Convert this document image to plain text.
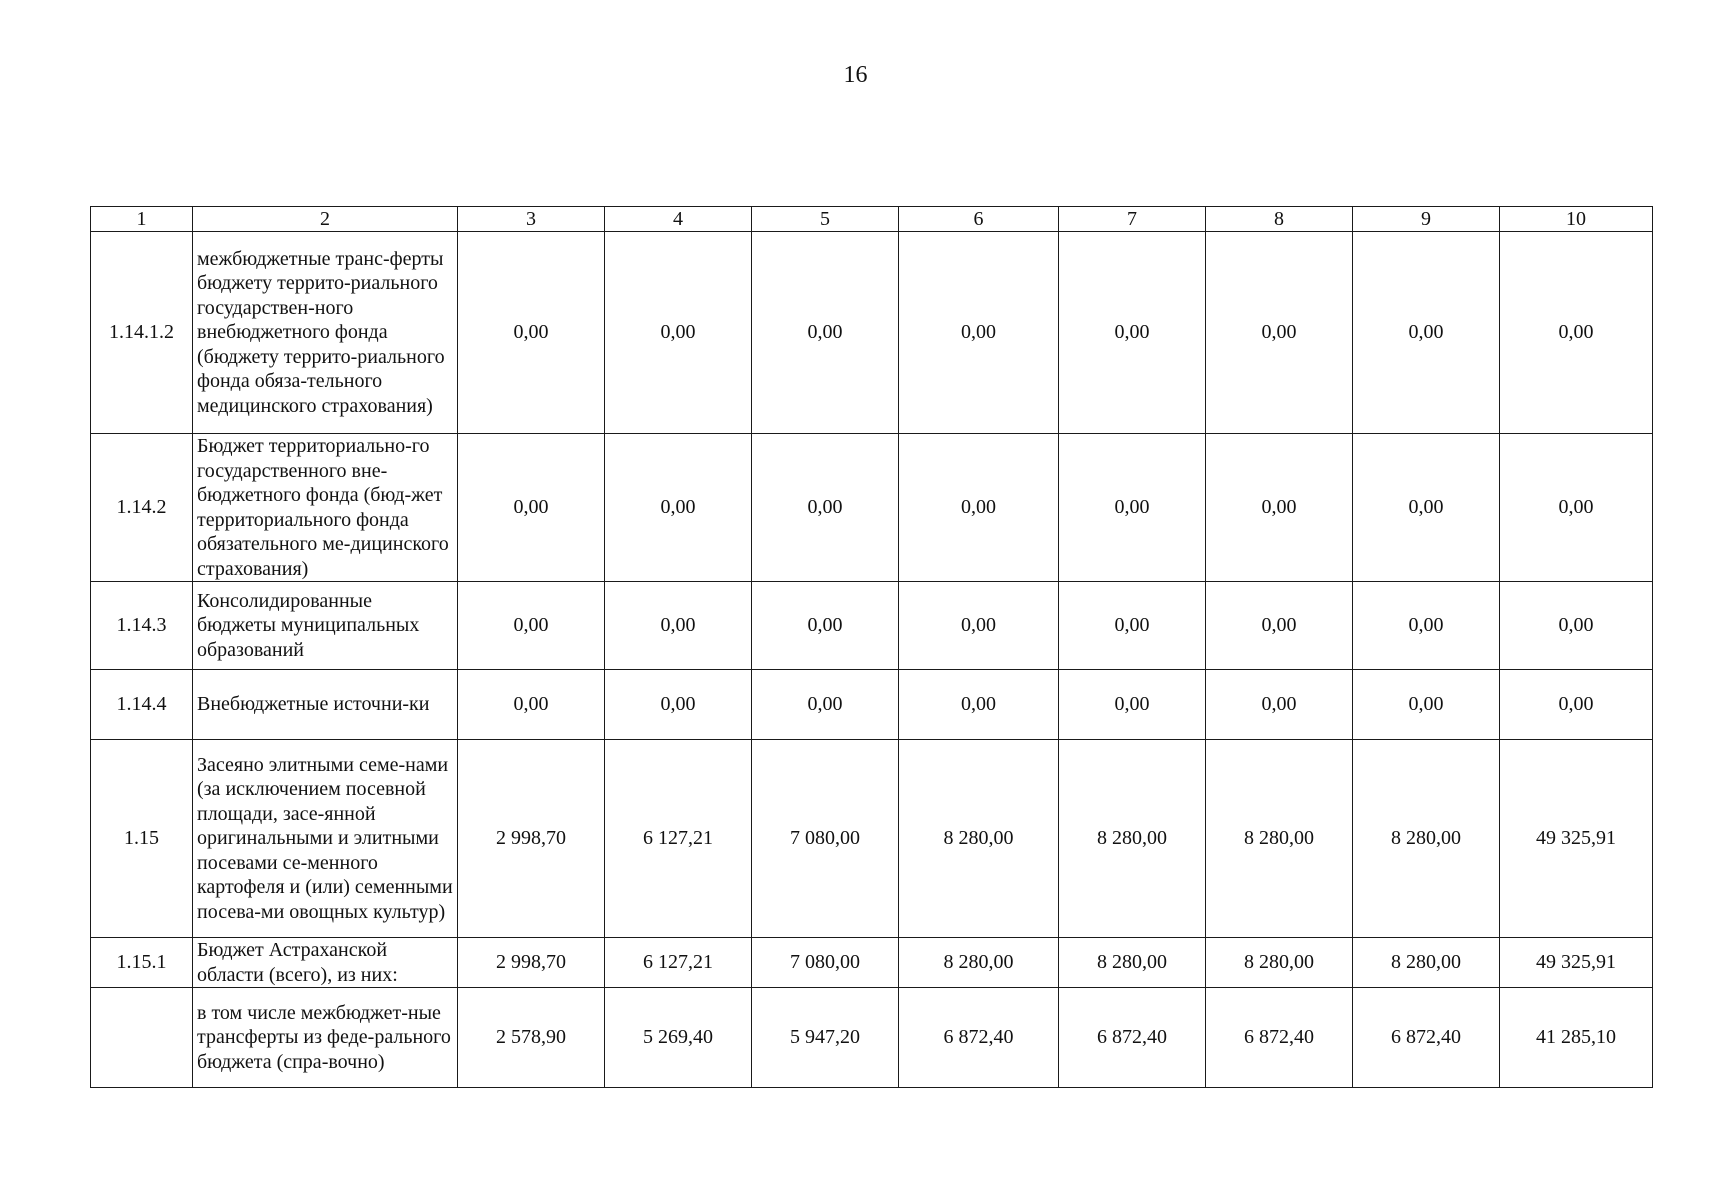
16
1	2	3	4	5	6	7	8	9	10
1.14.1.2	межбюджетные транс-ферты бюджету террито-риального государствен-ного внебюджетного фонда (бюджету террито-риального фонда обяза-тельного медицинского страхования)	0,00	0,00	0,00	0,00	0,00	0,00	0,00	0,00
1.14.2	Бюджет территориально-го государственного вне-бюджетного фонда (бюд-жет территориального фонда обязательного ме-дицинского страхования)	0,00	0,00	0,00	0,00	0,00	0,00	0,00	0,00
1.14.3	Консолидированные бюджеты муниципальных образований	0,00	0,00	0,00	0,00	0,00	0,00	0,00	0,00
1.14.4	Внебюджетные источни-ки	0,00	0,00	0,00	0,00	0,00	0,00	0,00	0,00
1.15	Засеяно элитными семе-нами (за исключением посевной площади, засе-янной оригинальными и элитными посевами се-менного картофеля и (или) семенными посева-ми овощных культур)	2 998,70	6 127,21	7 080,00	8 280,00	8 280,00	8 280,00	8 280,00	49 325,91
1.15.1	Бюджет Астраханской области (всего), из них:	2 998,70	6 127,21	7 080,00	8 280,00	8 280,00	8 280,00	8 280,00	49 325,91
	в том числе межбюджет-ные трансферты из феде-рального бюджета (спра-вочно)	2 578,90	5 269,40	5 947,20	6 872,40	6 872,40	6 872,40	6 872,40	41 285,10
